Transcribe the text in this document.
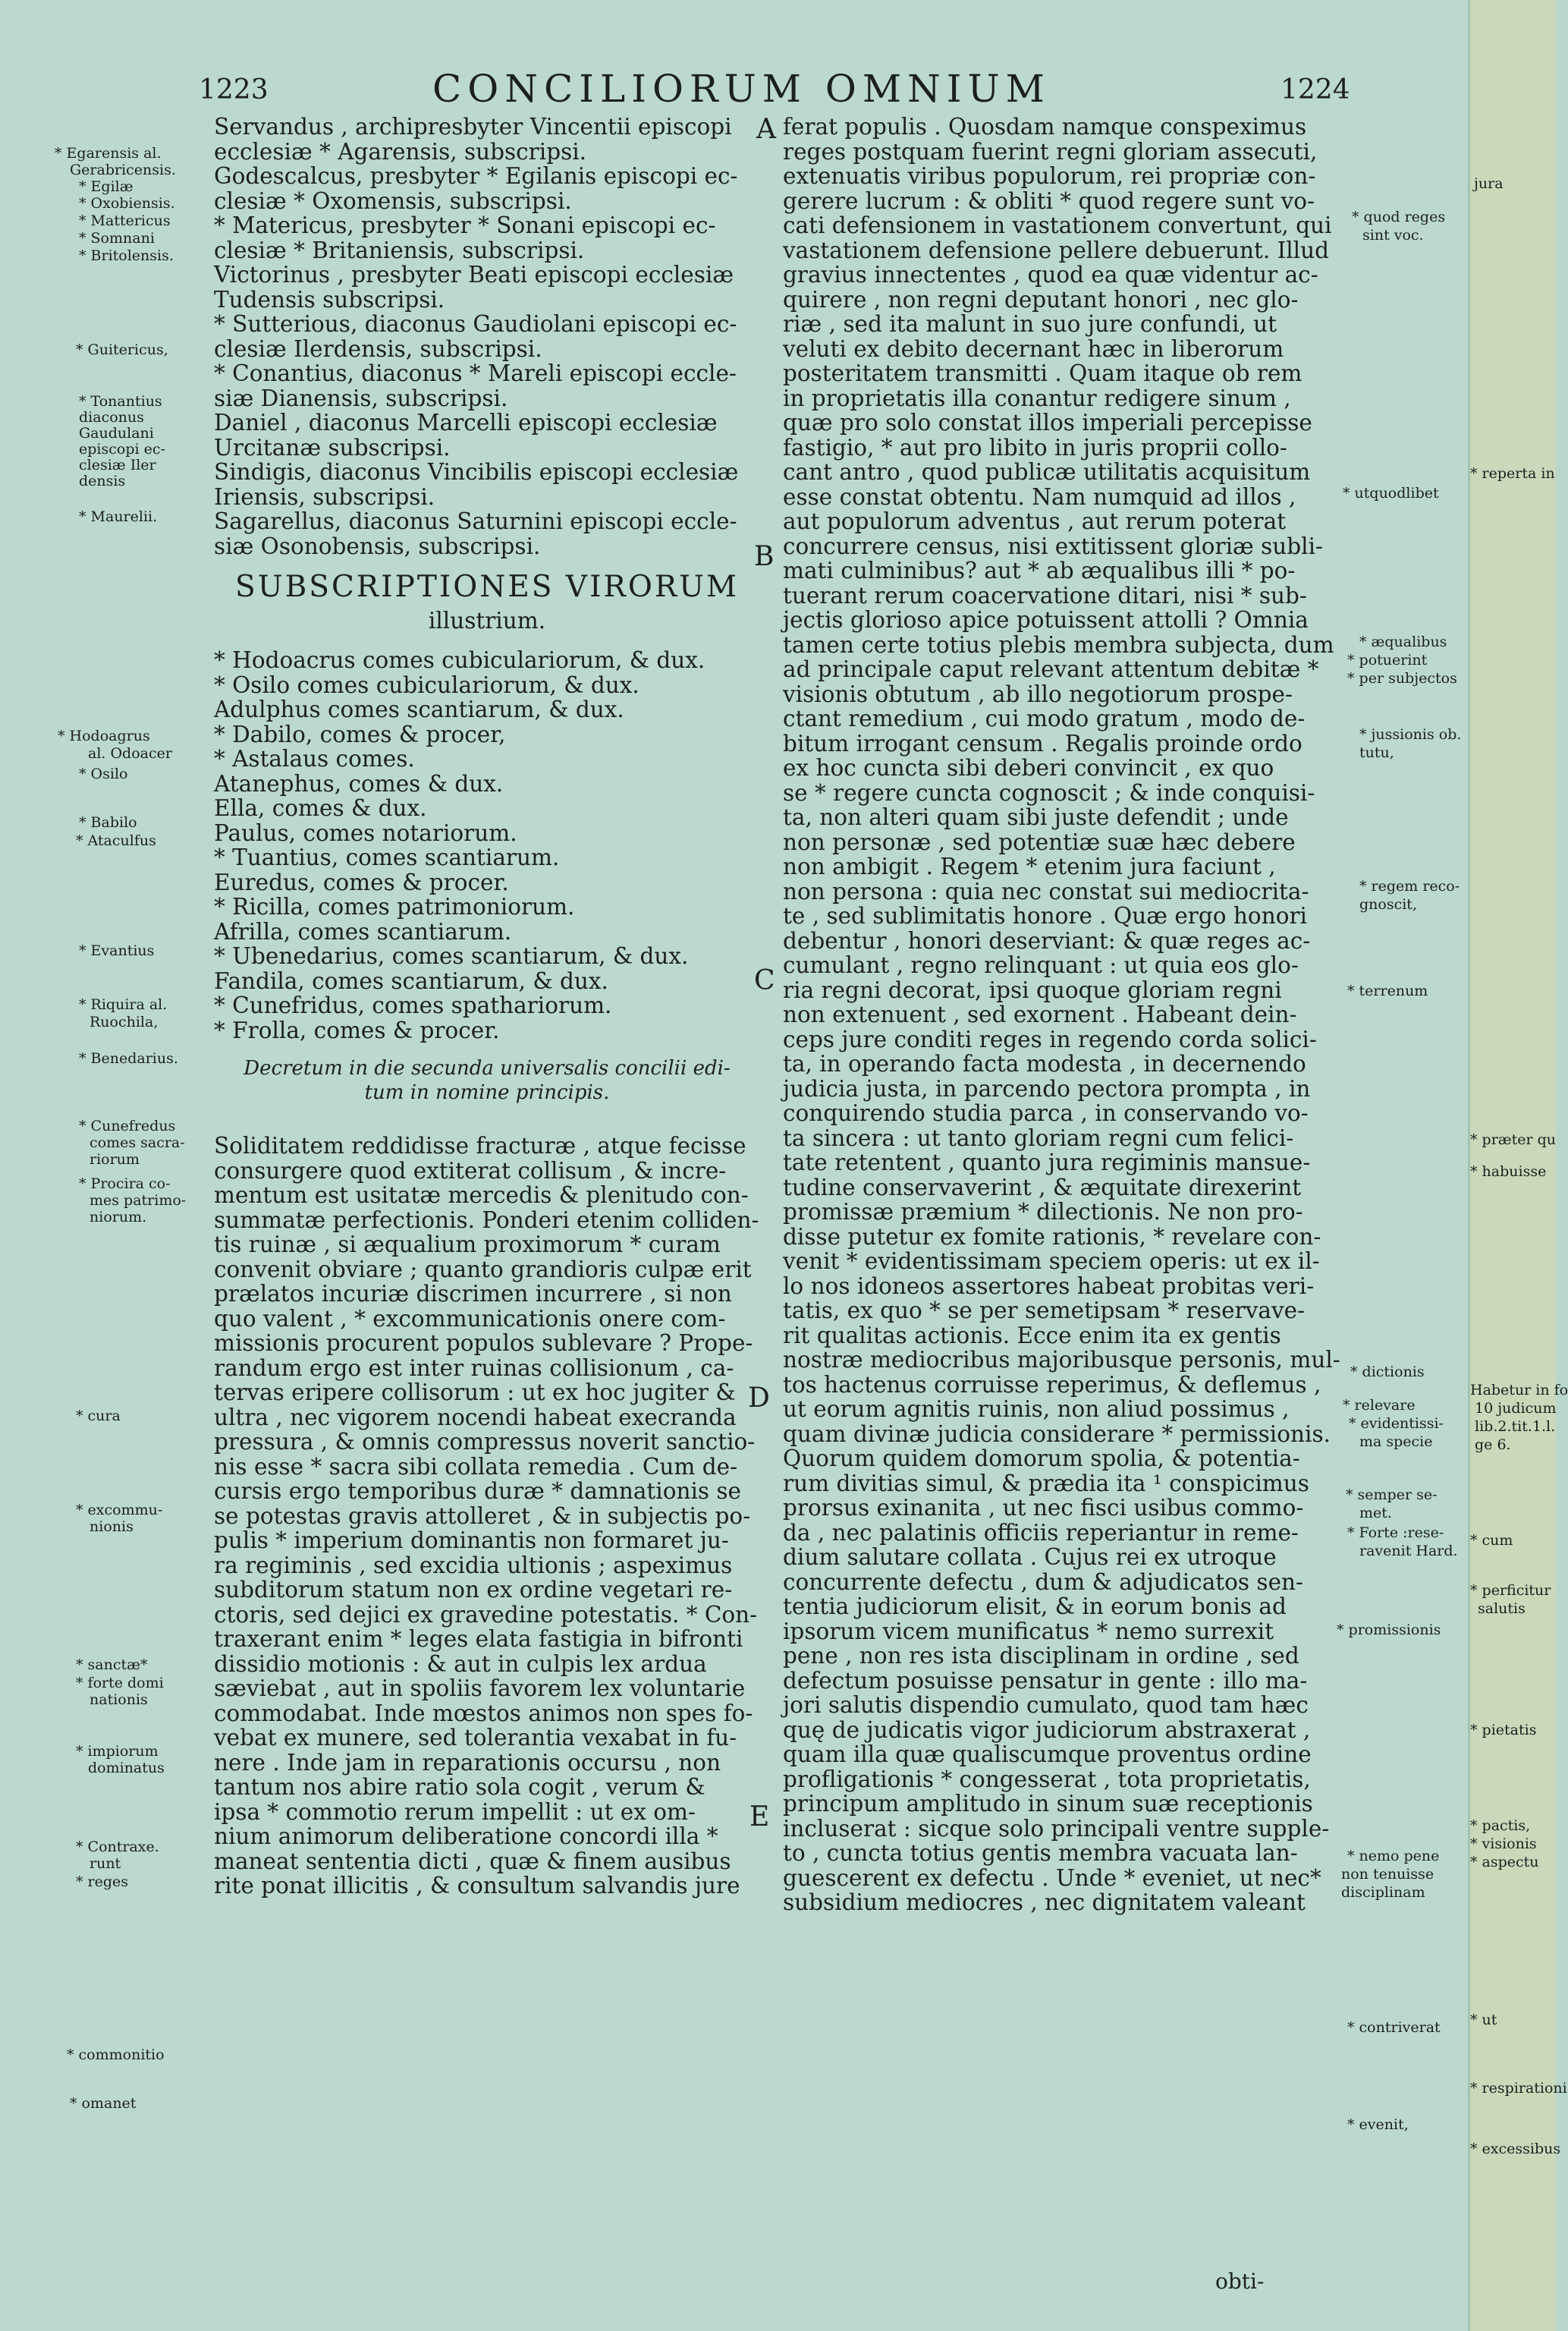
1223	CONCILIORUM OMNIUM	1224
Servandus , archipresbyter Vincentii episcopi
ecclesiæ * Agarensis, subscripsi.
Godescalcus, presbyter * Egilanis episcopi ec-
clesiæ * Oxomensis, subscripsi.
* Matericus, presbyter * Sonani episcopi ec-
clesiæ * Britaniensis, subscripsi.
Victorinus , presbyter Beati episcopi ecclesiæ
Tudensis subscripsi.
* Sutterious, diaconus Gaudiolani episcopi ec-
clesiæ Ilerdensis, subscripsi.
* Conantius, diaconus * Mareli episcopi eccle-
siæ Dianensis, subscripsi.
Daniel , diaconus Marcelli episcopi ecclesiæ
Urcitanæ subscripsi.
Sindigis, diaconus Vincibilis episcopi ecclesiæ
Iriensis, subscripsi.
Sagarellus, diaconus Saturnini episcopi eccle-
siæ Osonobensis, subscripsi.
SUBSCRIPTIONES VIRORUM
illustrium.
* Hodoacrus comes cubiculariorum, & dux.
* Osilo comes cubiculariorum, & dux.
Adulphus comes scantiarum, & dux.
* Dabilo, comes & procer,
* Astalaus comes.
Atanephus, comes & dux.
Ella, comes & dux.
Paulus, comes notariorum.
* Tuantius, comes scantiarum.
Euredus, comes & procer.
* Ricilla, comes patrimoniorum.
Afrilla, comes scantiarum.
* Ubenedarius, comes scantiarum, & dux.
Fandila, comes scantiarum, & dux.
* Cunefridus, comes spathariorum.
* Frolla, comes & procer.
Decretum in die secunda universalis concilii edi-
tum in nomine principis.
Soliditatem reddidisse fracturæ , atque fecisse
consurgere quod extiterat collisum , & incre-
mentum est usitatæ mercedis & plenitudo con-
summatæ perfectionis. Ponderi etenim colliden-
tis ruinæ , si æqualium proximorum * curam
convenit obviare ; quanto grandioris culpæ erit
prælatos incuriæ discrimen incurrere , si non
quo valent , * excommunicationis onere com-
missionis procurent populos sublevare ? Prope-
randum ergo est inter ruinas collisionum , ca-
tervas eripere collisorum : ut ex hoc jugiter &
ultra , nec vigorem nocendi habeat execranda
pressura , & omnis compressus noverit sanctio-
nis esse * sacra sibi collata remedia . Cum de-
cursis ergo temporibus duræ * damnationis se
se potestas gravis attolleret , & in subjectis po-
pulis * imperium dominantis non formaret ju-
ra regiminis , sed excidia ultionis ; aspeximus
subditorum statum non ex ordine vegetari re-
ctoris, sed dejici ex gravedine potestatis. * Con-
traxerant enim * leges elata fastigia in bifronti
dissidio motionis : & aut in culpis lex ardua
sæviebat , aut in spoliis favorem lex voluntarie
commodabat. Inde mœstos animos non spes fo-
vebat ex munere, sed tolerantia vexabat in fu-
nere . Inde jam in reparationis occursu , non
tantum nos abire ratio sola cogit , verum &
ipsa * commotio rerum impellit : ut ex om-
nium animorum deliberatione concordi illa *
maneat sententia dicti , quæ & finem ausibus
rite ponat illicitis , & consultum salvandis jure
ferat populis . Quosdam namque conspeximus
reges postquam fuerint regni gloriam assecuti,
extenuatis viribus populorum, rei propriæ con-
gerere lucrum : & obliti * quod regere sunt vo-
cati defensionem in vastationem convertunt, qui
vastationem defensione pellere debuerunt. Illud
gravius innectentes , quod ea quæ videntur ac-
quirere , non regni deputant honori , nec glo-
riæ , sed ita malunt in suo jure confundi, ut
veluti ex debito decernant hæc in liberorum
posteritatem transmitti . Quam itaque ob rem
in proprietatis illa conantur redigere sinum ,
quæ pro solo constat illos imperiali percepisse
fastigio, * aut pro libito in juris proprii collo-
cant antro , quod publicæ utilitatis acquisitum
esse constat obtentu. Nam numquid ad illos ,
aut populorum adventus , aut rerum poterat
concurrere census, nisi extitissent gloriæ subli-
mati culminibus? aut * ab æqualibus illi * po-
tuerant rerum coacervatione ditari, nisi * sub-
jectis glorioso apice potuissent attolli ? Omnia
tamen certe totius plebis membra subjecta, dum
ad principale caput relevant attentum debitæ *
visionis obtutum , ab illo negotiorum prospe-
ctant remedium , cui modo gratum , modo de-
bitum irrogant censum . Regalis proinde ordo
ex hoc cuncta sibi deberi convincit , ex quo
se * regere cuncta cognoscit ; & inde conquisi-
ta, non alteri quam sibi juste defendit ; unde
non personæ , sed potentiæ suæ hæc debere
non ambigit . Regem * etenim jura faciunt ,
non persona : quia nec constat sui mediocrita-
te , sed sublimitatis honore . Quæ ergo honori
debentur , honori deserviant: & quæ reges ac-
cumulant , regno relinquant : ut quia eos glo-
ria regni decorat, ipsi quoque gloriam regni
non extenuent , sed exornent . Habeant dein-
ceps jure conditi reges in regendo corda solici-
ta, in operando facta modesta , in decernendo
judicia justa, in parcendo pectora prompta , in
conquirendo studia parca , in conservando vo-
ta sincera : ut tanto gloriam regni cum felici-
tate retentent , quanto jura regiminis mansue-
tudine conservaverint , & æquitate direxerint
promissæ præmium * dilectionis. Ne non pro-
disse putetur ex fomite rationis, * revelare con-
venit * evidentissimam speciem operis: ut ex il-
lo nos idoneos assertores habeat probitas veri-
tatis, ex quo * se per semetipsam * reservave-
rit qualitas actionis. Ecce enim ita ex gentis
nostræ mediocribus majoribusque personis, mul-
tos hactenus corruisse reperimus, & deflemus ,
ut eorum agnitis ruinis, non aliud possimus ,
quam divinæ judicia considerare * permissionis.
Quorum quidem domorum spolia, & potentia-
rum divitias simul, & prædia ita ¹ conspicimus
prorsus exinanita , ut nec fisci usibus commo-
da , nec palatinis officiis reperiantur in reme-
dium salutare collata . Cujus rei ex utroque
concurrente defectu , dum & adjudicatos sen-
tentia judiciorum elisit, & in eorum bonis ad
ipsorum vicem munificatus * nemo surrexit
pene , non res ista disciplinam in ordine , sed
defectum posuisse pensatur in gente : illo ma-
jori salutis dispendio cumulato, quod tam hæc
quę de judicatis vigor judiciorum abstraxerat ,
quam illa quæ qualiscumque proventus ordine
profligationis * congesserat , tota proprietatis,
principum amplitudo in sinum suæ receptionis
incluserat : sicque solo principali ventre supple-
to , cuncta totius gentis membra vacuata lan-
guescerent ex defectu . Unde * eveniet, ut nec*
subsidium mediocres , nec dignitatem valeant
obti-
A
B
C
D
E
* Egarensis al.
Gerabricensis.
* Egilæ
* Oxobiensis.
* Mattericus
* Somnani
* Britolensis.
* Guitericus,
* Tonantius
diaconus
Gaudulani
episcopi ec-
clesiæ Iler
densis
* Maurelii.
* Hodoagrus
al. Odoacer
* Osilo
* Babilo
* Ataculfus
* Evantius
* Riquira al.
Ruochila,
* Benedarius.
* Cunefredus
comes sacra-
riorum
* Procira co-
mes patrimo-
niorum.
* cura
* excommu-
nionis
* sanctæ*
* forte domi
nationis
* impiorum
dominatus
* Contraxe.
runt
* reges
* commonitio
* omanet
* quod reges
sint voc.
* utquodlibet
* æqualibus
* potuerint
* per subjectos
* jussionis ob.
tutu,
* regem reco-
gnoscit,
* terrenum
* dictionis
* relevare
* evidentissi-
ma specie
* semper se-
met.
* Forte :rese-
ravenit Hard.
* promissionis
* nemo pene
non tenuisse
disciplinam
* contriverat
* evenit,
jura
* reperta in
* præter qu
* habuisse
Habetur in fo
10 judicum
lib.2.tit.1.l.
ge 6.
* cum
* perficitur
salutis
* pietatis
* pactis,
* visionis
* aspectu
* ut
* respirationi
* excessibus
